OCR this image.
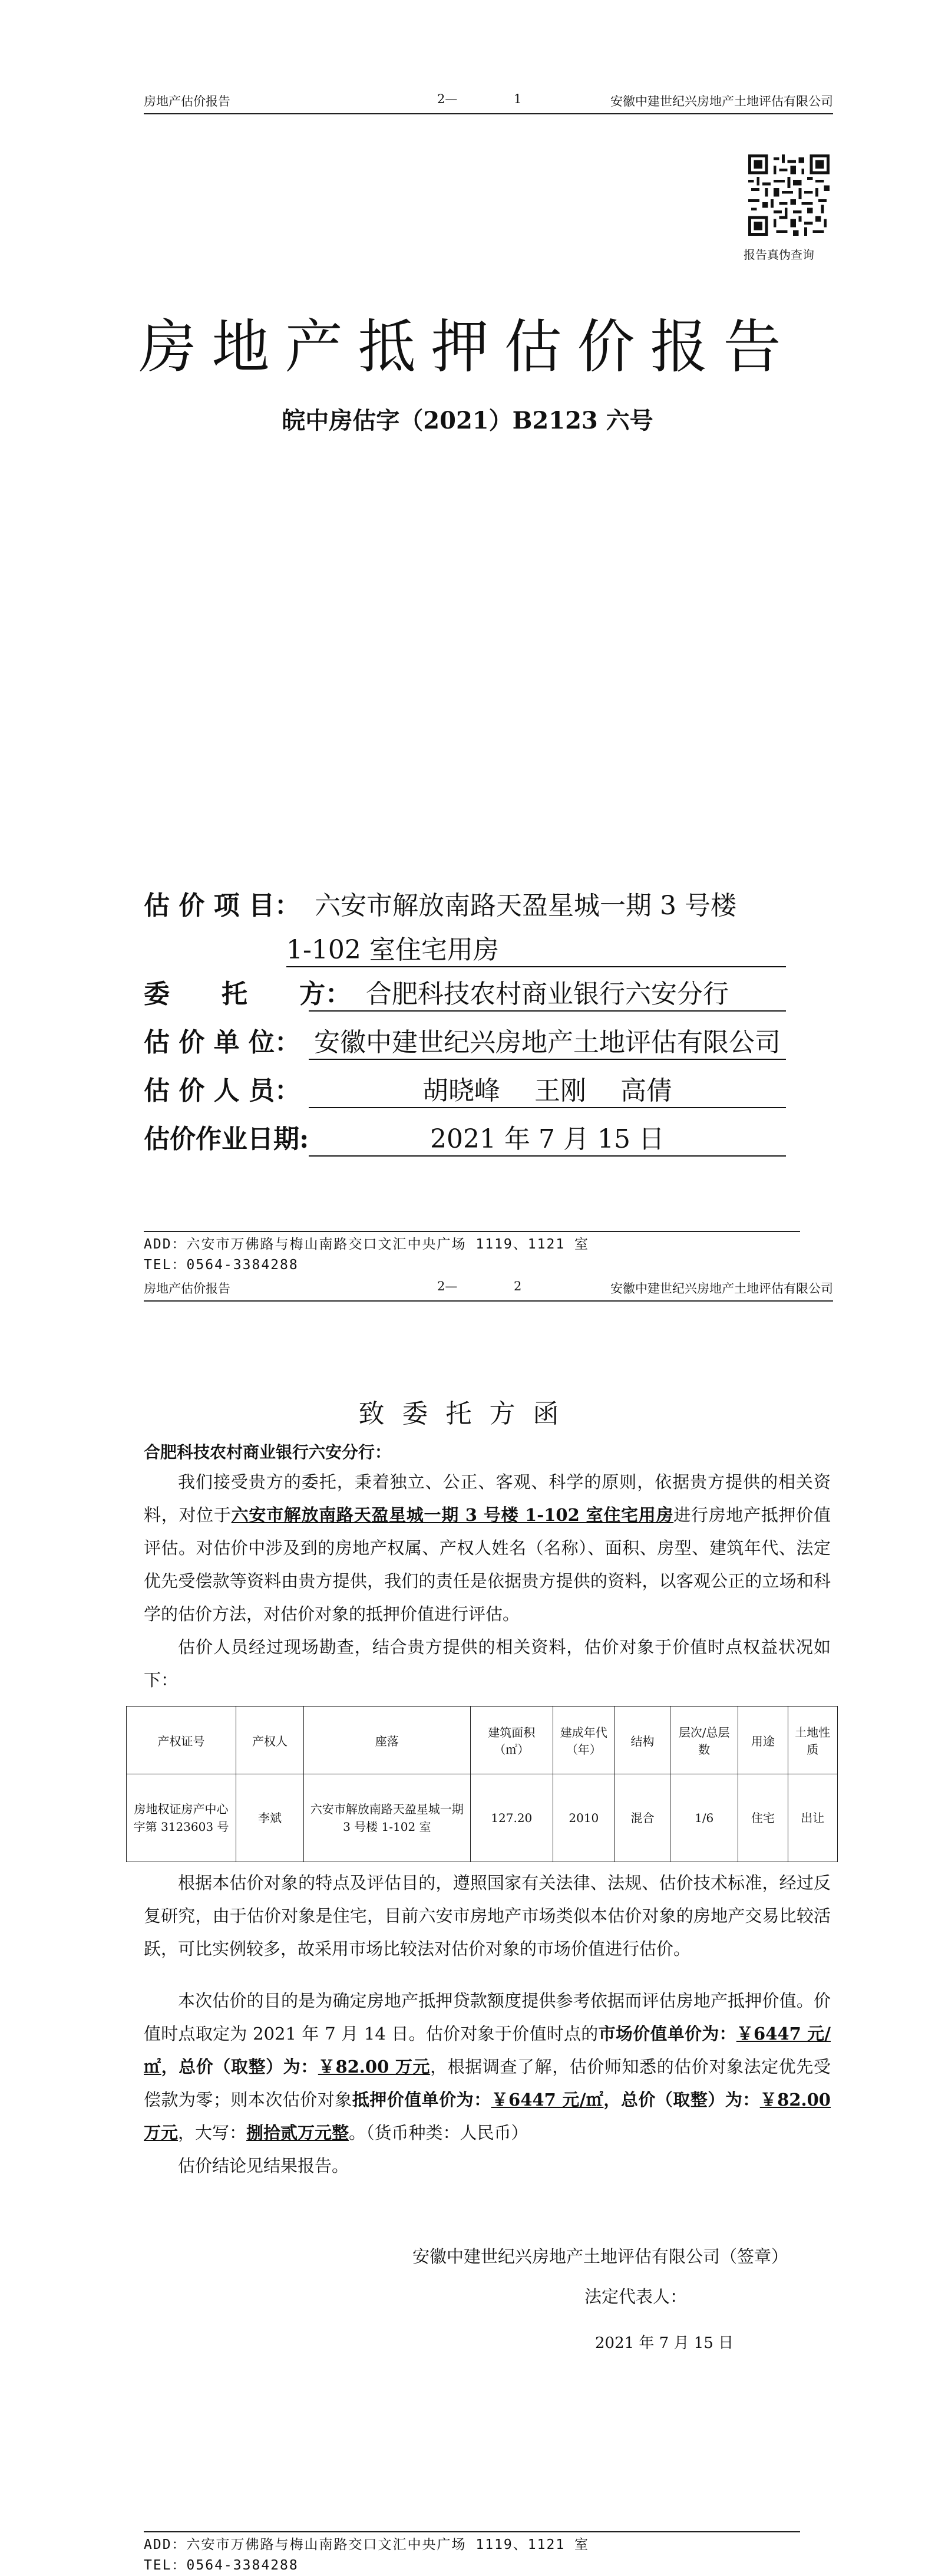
房地产估价报告	2—	1	安徽中建世纪兴房地产土地评估有限公司
报告真伪查询
房地产抵押估价报告
皖中房估字（2021）B2123 六号
估 价 项 目： 六安市解放南路天盈星城一期 3 号楼
1-102 室住宅用房
委　　托　　方： 合肥科技农村商业银行六安分行
估 价 单 位： 安徽中建世纪兴房地产土地评估有限公司
估 价 人 员：	胡晓峰　 王刚　 高倩
估价作业日期:	2021 年 7 月 15 日
ADD：六安市万佛路与梅山南路交口文汇中央广场 1119、1121 室
TEL：0564-3384288
房地产估价报告	2—	2	安徽中建世纪兴房地产土地评估有限公司
致委托方函
合肥科技农村商业银行六安分行：
我们接受贵方的委托，秉着独立、公正、客观、科学的原则，依据贵方提供的相关资料，对位于六安市解放南路天盈星城一期 3 号楼 1-102 室住宅用房进行房地产抵押价值评估。对估价中涉及到的房地产权属、产权人姓名（名称）、面积、房型、建筑年代、法定优先受偿款等资料由贵方提供，我们的责任是依据贵方提供的资料，以客观公正的立场和科学的估价方法，对估价对象的抵押价值进行评估。
估价人员经过现场勘查，结合贵方提供的相关资料，估价对象于价值时点权益状况如下：
产权证号	产权人	座落	建筑面积（㎡）	建成年代（年）	结构	层次/总层数	用途	土地性质
房地权证房产中心字第 3123603 号	李斌	六安市解放南路天盈星城一期 3 号楼 1-102 室	127.20	2010	混合	1/6	住宅	出让
根据本估价对象的特点及评估目的，遵照国家有关法律、法规、估价技术标准，经过反复研究，由于估价对象是住宅，目前六安市房地产市场类似本估价对象的房地产交易比较活跃，可比实例较多，故采用市场比较法对估价对象的市场价值进行估价。
本次估价的目的是为确定房地产抵押贷款额度提供参考依据而评估房地产抵押价值。价值时点取定为 2021 年 7 月 14 日。估价对象于价值时点的市场价值单价为：￥6447 元/㎡，总价（取整）为：￥82.00 万元，根据调查了解，估价师知悉的估价对象法定优先受偿款为零；则本次估价对象抵押价值单价为：￥6447 元/㎡，总价（取整）为：￥82.00 万元，大写：捌拾贰万元整。（货币种类：人民币）
估价结论见结果报告。
安徽中建世纪兴房地产土地评估有限公司（签章）
法定代表人：
2021 年 7 月 15 日
ADD：六安市万佛路与梅山南路交口文汇中央广场 1119、1121 室
TEL：0564-3384288
